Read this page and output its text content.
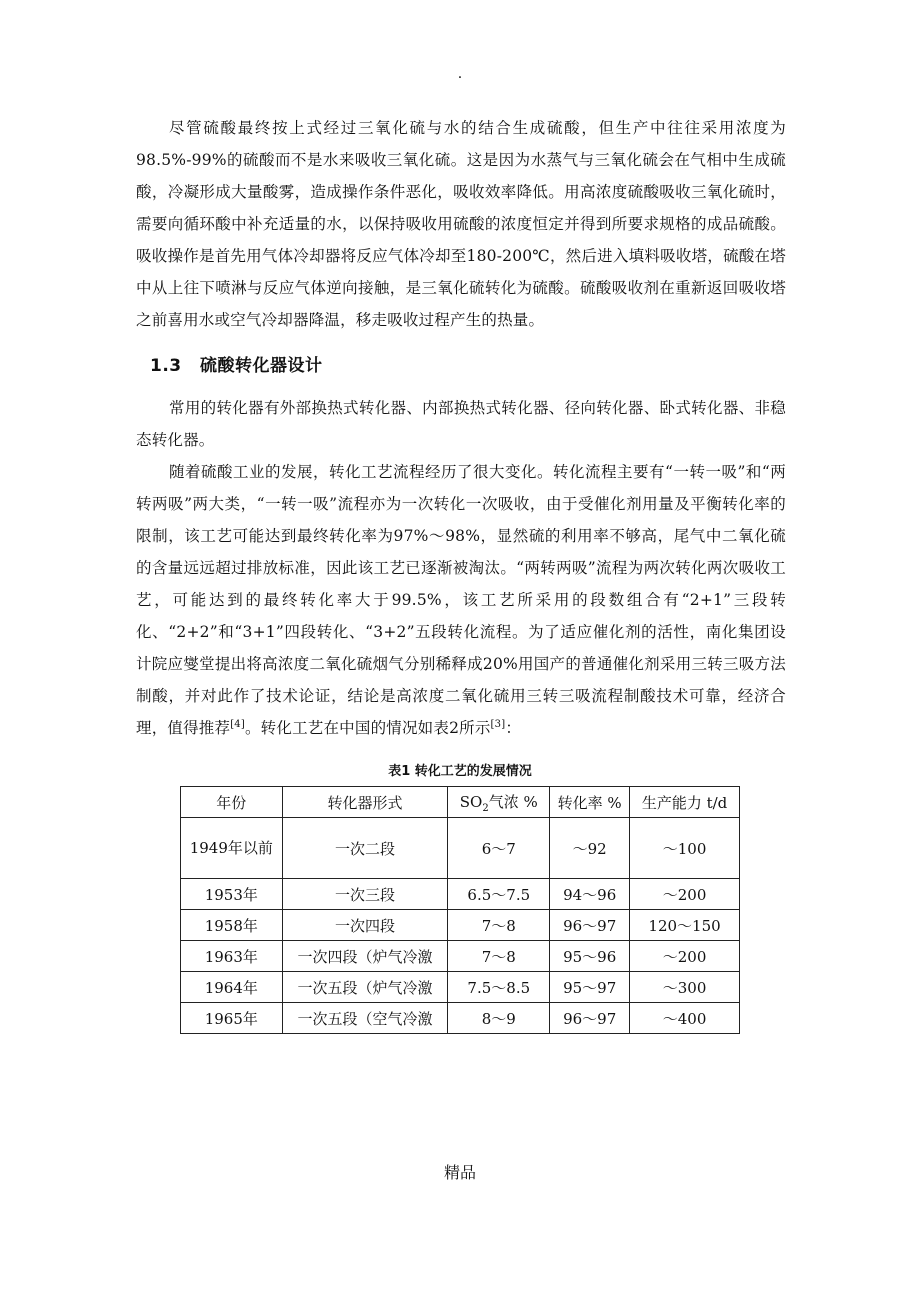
.

尽管硫酸最终按上式经过三氧化硫与水的结合生成硫酸，但生产中往往采用浓度为98.5%-99%的硫酸而不是水来吸收三氧化硫。这是因为水蒸气与三氧化硫会在气相中生成硫酸，冷凝形成大量酸雾，造成操作条件恶化，吸收效率降低。用高浓度硫酸吸收三氧化硫时，需要向循环酸中补充适量的水，以保持吸收用硫酸的浓度恒定并得到所要求规格的成品硫酸。吸收操作是首先用气体冷却器将反应气体冷却至180-200℃，然后进入填料吸收塔，硫酸在塔中从上往下喷淋与反应气体逆向接触，是三氧化硫转化为硫酸。硫酸吸收剂在重新返回吸收塔之前喜用水或空气冷却器降温，移走吸收过程产生的热量。

1.3 硫酸转化器设计

常用的转化器有外部换热式转化器、内部换热式转化器、径向转化器、卧式转化器、非稳态转化器。

随着硫酸工业的发展，转化工艺流程经历了很大变化。转化流程主要有“一转一吸”和“两转两吸”两大类，“一转一吸”流程亦为一次转化一次吸收，由于受催化剂用量及平衡转化率的限制，该工艺可能达到最终转化率为97%～98%，显然硫的利用率不够高，尾气中二氧化硫的含量远远超过排放标准，因此该工艺已逐渐被淘汰。“两转两吸”流程为两次转化两次吸收工艺，可能达到的最终转化率大于99.5%，该工艺所采用的段数组合有“2+1”三段转化、“2+2”和“3+1”四段转化、“3+2”五段转化流程。为了适应催化剂的活性，南化集团设计院应燮堂提出将高浓度二氧化硫烟气分别稀释成20%用国产的普通催化剂采用三转三吸方法制酸，并对此作了技术论证，结论是高浓度二氧化硫用三转三吸流程制酸技术可靠，经济合理，值得推荐[4]。转化工艺在中国的情况如表2所示[3]：

表1 转化工艺的发展情况
年份	转化器形式	$SO_2$气浓 %	转化率 %	生产能力 t/d
1949年以前	一次二段	6～7	～92	～100
1953年	一次三段	6.5～7.5	94～96	～200
1958年	一次四段	7～8	96～97	120～150
1963年	一次四段（炉气冷激	7～8	95～96	～200
1964年	一次五段（炉气冷激	7.5～8.5	95～97	～300
1965年	一次五段（空气冷激	8～9	96～97	～400
精品
